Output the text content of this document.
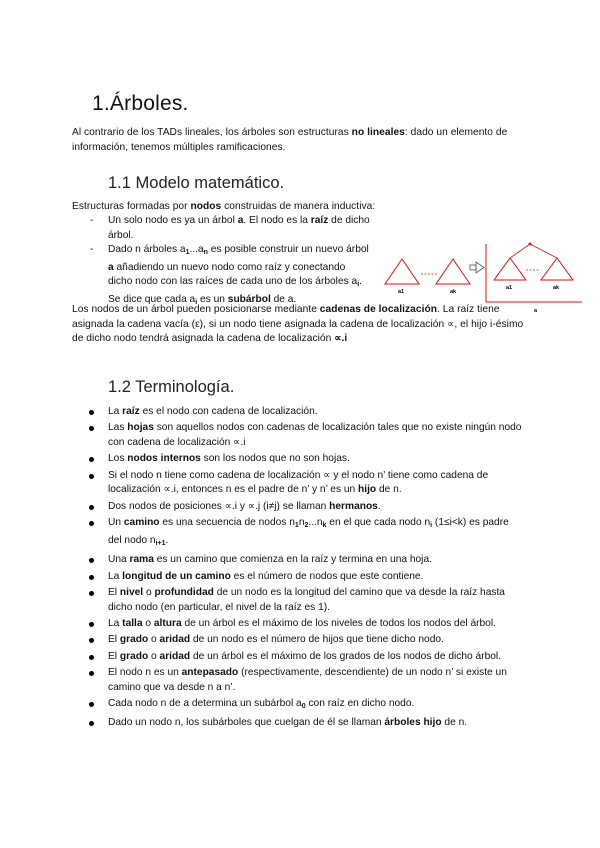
1.Árboles.
Al contrario de los TADs lineales, los árboles son estructuras no lineales: dado un elemento de información, tenemos múltiples ramificaciones.
1.1 Modelo matemático.
Estructuras formadas por nodos construidas de manera inductiva:
- Un solo nodo es ya un árbol a. El nodo es la raíz de dicho árbol.
- Dado n árboles $a_1...a_n$ es posible construir un nuevo árbol a añadiendo un nuevo nodo como raíz y conectando dicho nodo con las raíces de cada uno de los árboles $a_i$. Se dice que cada $a_i$ es un subárbol de a.
a1	ak
a1	ak
a
Los nodos de un árbol pueden posicionarse mediante cadenas de localización. La raíz tiene asignada la cadena vacía (ε), si un nodo tiene asignada la cadena de localización ∝, el hijo i-ésimo de dicho nodo tendrá asignada la cadena de localización ∝.i
1.2 Terminología.
La raíz es el nodo con cadena de localización.
Las hojas son aquellos nodos con cadenas de localización tales que no existe ningún nodo con cadena de localización ∝.i
Los nodos internos son los nodos que no son hojas.
Si el nodo n tiene como cadena de localización ∝ y el nodo n’ tiene como cadena de localización ∝.i, entonces n es el padre de n’ y n’ es un hijo de n.
Dos nodos de posiciones ∝.i y ∝.j (i≠j) se llaman hermanos.
Un camino es una secuencia de nodos $n_1n_2...n_k$ en el que cada nodo $n_i$ (1≤i<k) es padre del nodo $n_{i+1}$.
Una rama es un camino que comienza en la raíz y termina en una hoja.
La longitud de un camino es el número de nodos que este contiene.
El nivel o profundidad de un nodo es la longitud del camino que va desde la raíz hasta dicho nodo (en particular, el nivel de la raíz es 1).
La talla o altura de un árbol es el máximo de los niveles de todos los nodos del árbol.
El grado o aridad de un nodo es el número de hijos que tiene dicho nodo.
El grado o aridad de un árbol es el máximo de los grados de los nodos de dicho árbol.
El nodo n es un antepasado (respectivamente, descendiente) de un nodo n’ si existe un camino que va desde n a n’.
Cada nodo n de a determina un subárbol $a_0$ con raíz en dicho nodo.
Dado un nodo n, los subárboles que cuelgan de él se llaman árboles hijo de n.
